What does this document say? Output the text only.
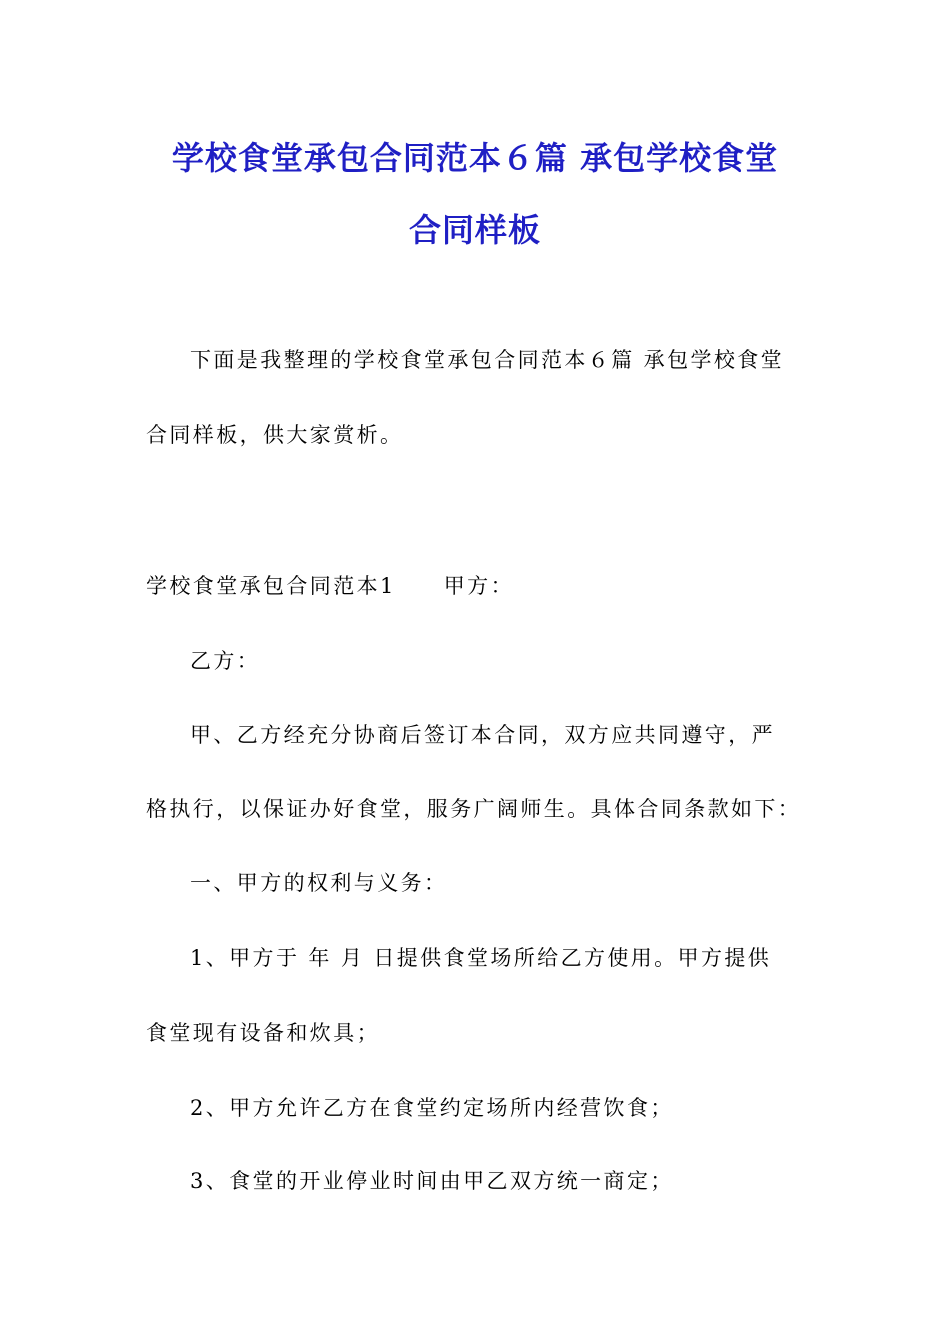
学校食堂承包合同范本６篇 承包学校食堂
合同样板
下面是我整理的学校食堂承包合同范本６篇 承包学校食堂
合同样板，供大家赏析。
学校食堂承包合同范本1 甲方：
乙方：
甲、乙方经充分协商后签订本合同，双方应共同遵守，严
格执行，以保证办好食堂，服务广阔师生。具体合同条款如下：
一、甲方的权利与义务：
1、甲方于 年 月 日提供食堂场所给乙方使用。甲方提供
食堂现有设备和炊具；
2、甲方允许乙方在食堂约定场所内经营饮食；
3、食堂的开业停业时间由甲乙双方统一商定；
